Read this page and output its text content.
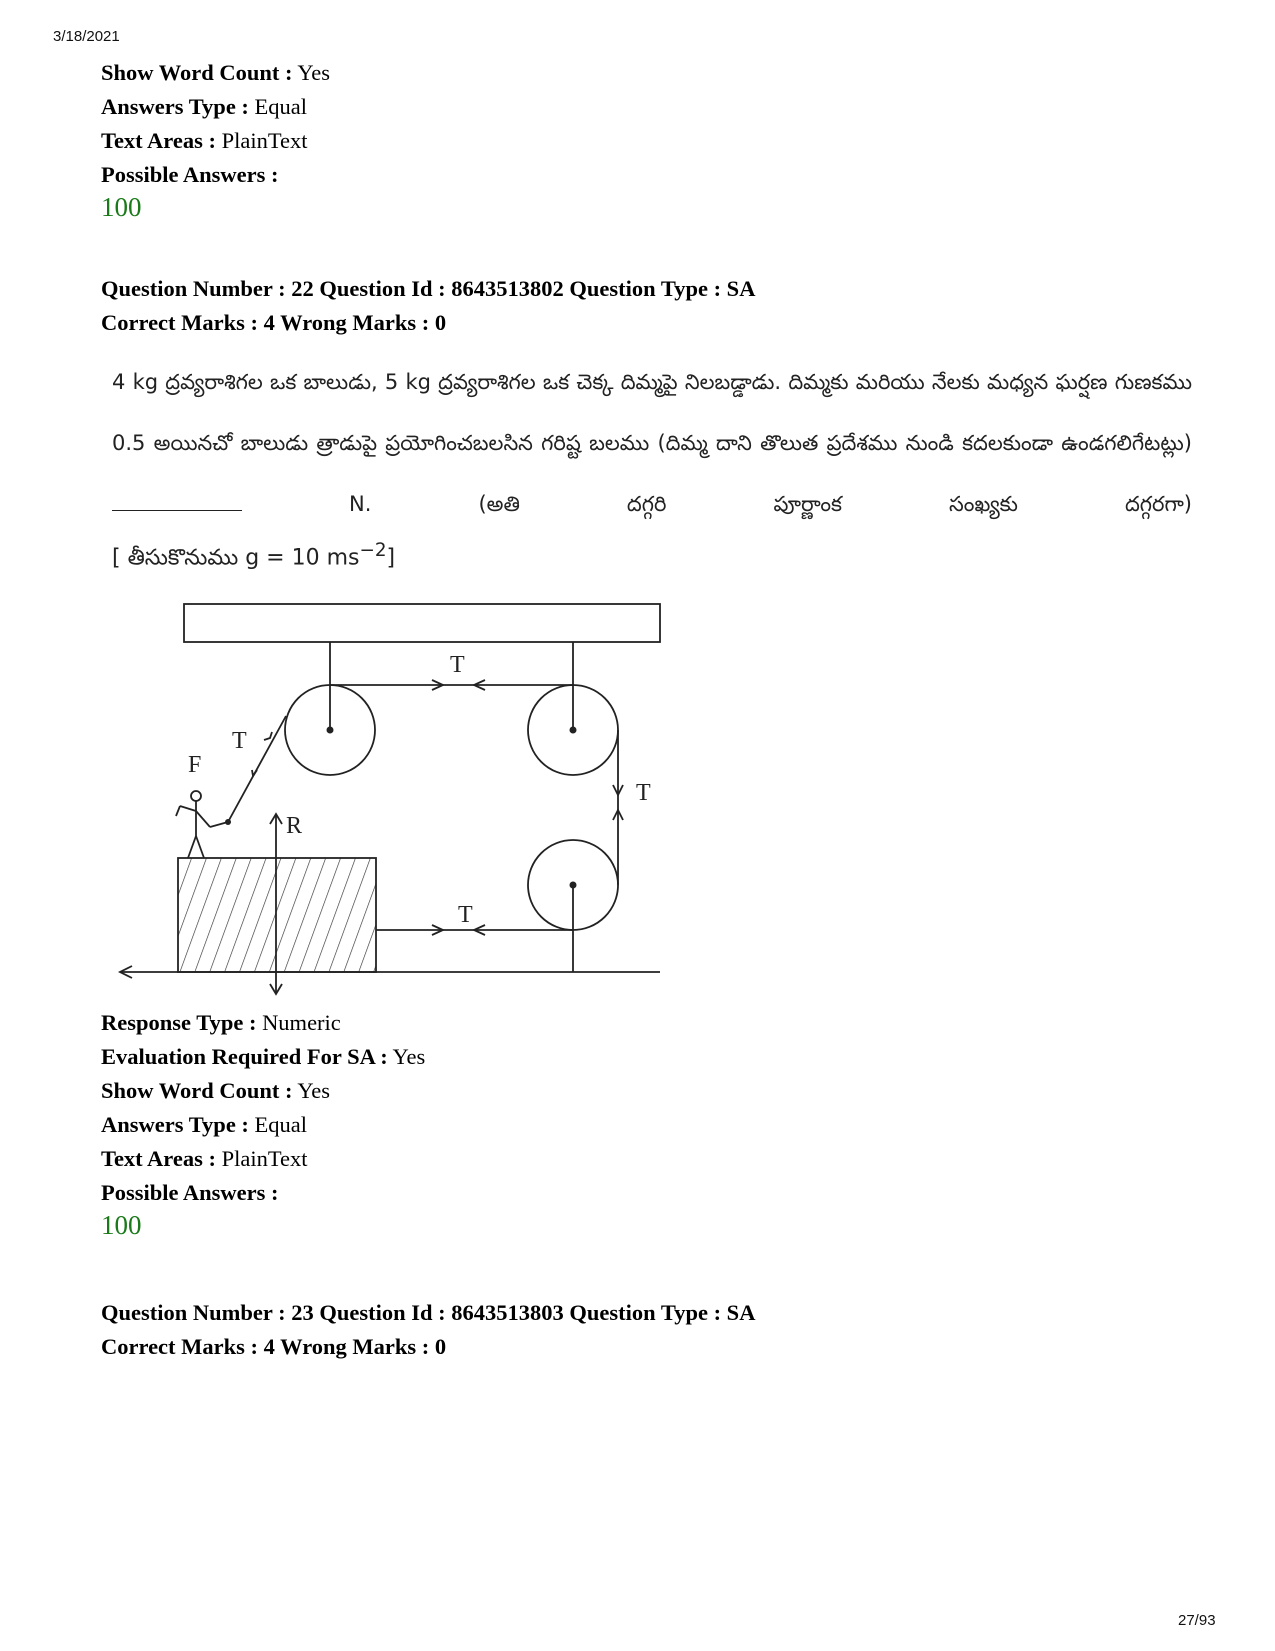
3/18/2021
Show Word Count : Yes
Answers Type : Equal
Text Areas : PlainText
Possible Answers :
100
Question Number : 22 Question Id : 8643513802 Question Type : SA
Correct Marks : 4 Wrong Marks : 0
4 kg ద్రవ్యరాశిగల ఒక బాలుడు, 5 kg ద్రవ్యరాశిగల ఒక చెక్క దిమ్మపై నిలబడ్డాడు. దిమ్మకు మరియు నేలకు మధ్యన ఘర్షణ గుణకము 0.5 అయినచో బాలుడు త్రాడుపై ప్రయోగించబలసిన గరిష్ట బలము (దిమ్మ దాని తొలుత ప్రదేశము నుండి కదలకుండా ఉండగలిగేటట్లు)  N. (అతి దగ్గరి పూర్ణాంక సంఖ్యకు దగ్గరగా)
[ తీసుకొనుము g = 10 $ms^{-2}$]
T
T
T
T
F
R
Response Type : Numeric
Evaluation Required For SA : Yes
Show Word Count : Yes
Answers Type : Equal
Text Areas : PlainText
Possible Answers :
100
Question Number : 23 Question Id : 8643513803 Question Type : SA
Correct Marks : 4 Wrong Marks : 0
27/93
